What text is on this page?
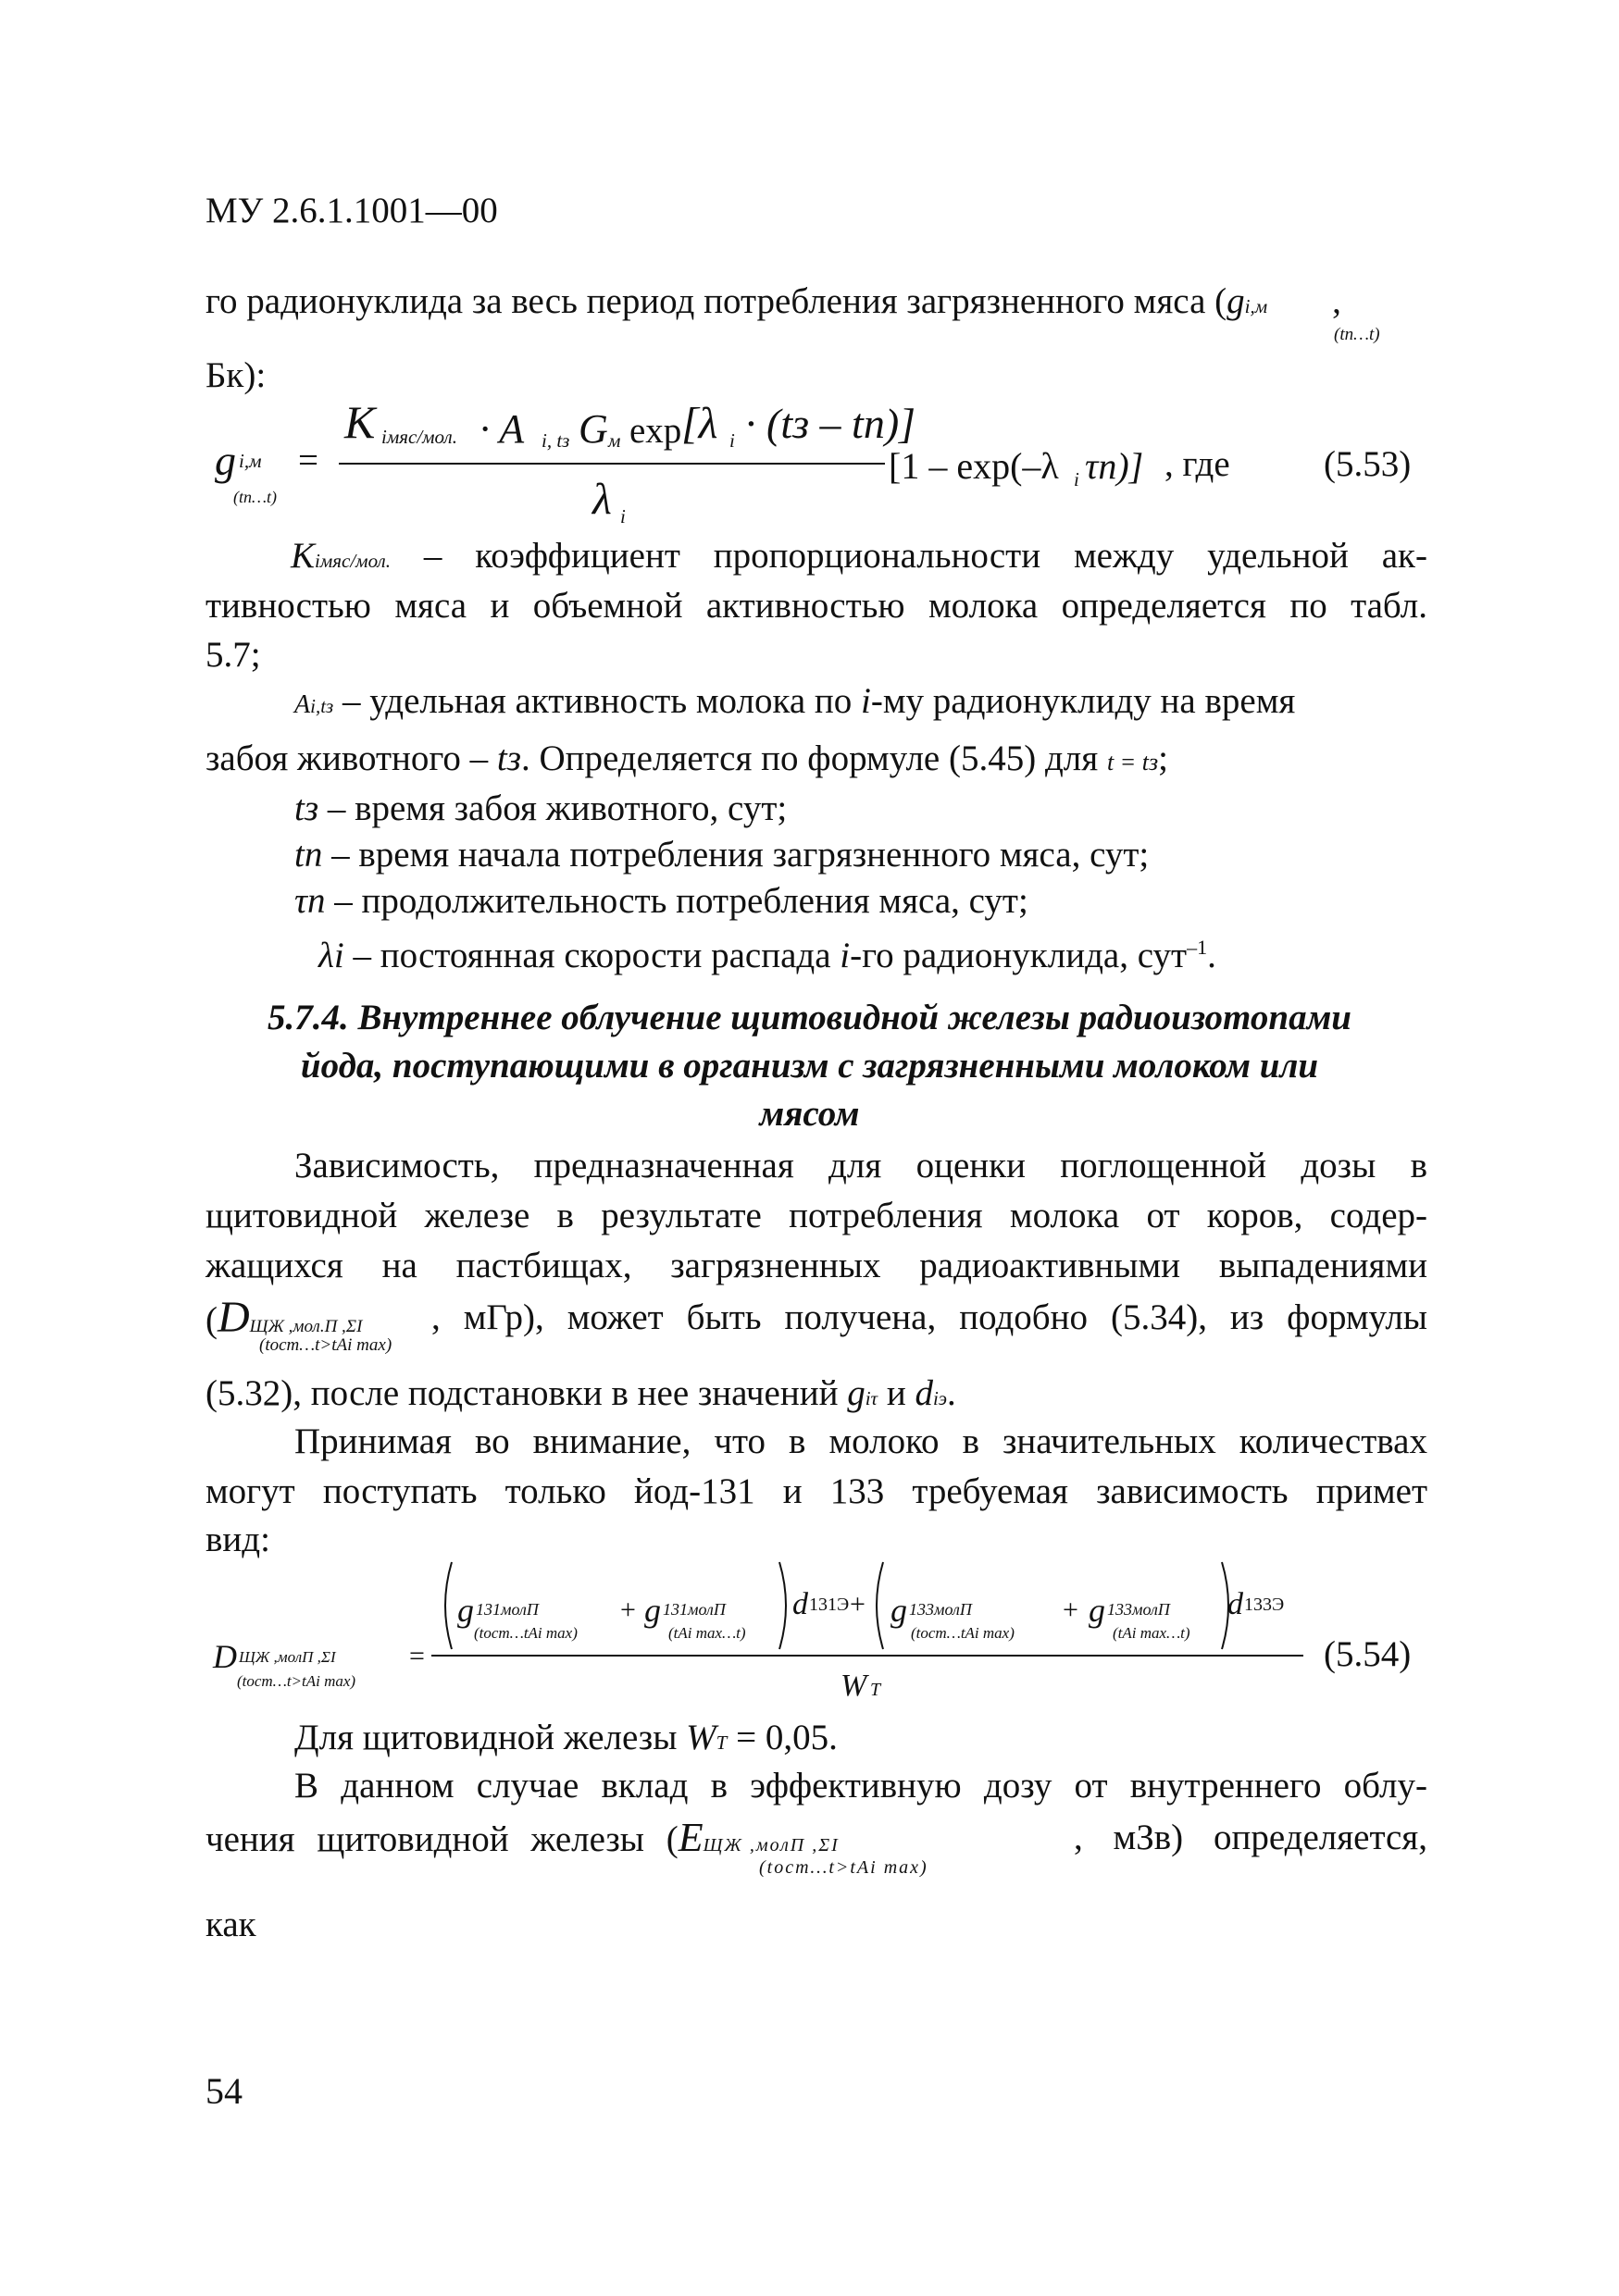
МУ 2.6.1.1001—00

го радионуклида за весь период потребления загрязненного мяса (gi,м ,

(tn…t)

Бк):

g i,м
(tn…t)
=
K iмяс/мол. · A i, tз G м exp [λ i · (tз – tп)]
λ i
[1 – exp(–λ i τп)] , где	(5.53)

Kiмяс/мол. – коэффициент пропорциональности между удельной ак-

тивностью мяса и объемной активностью молока определяется по табл.

5.7;

Ai,tз – удельная активность молока по i-му радионуклиду на время

забоя животного – tз. Определяется по формуле (5.45) для t = tз;

tз – время забоя животного, сут;

tп – время начала потребления загрязненного мяса, сут;

τп – продолжительность потребления мяса, сут;

λi – постоянная скорости распада i-го радионуклида, сут$^{-1}$.

5.7.4. Внутреннее облучение щитовидной железы радиоизотопами

йода, поступающими в организм с загрязненными молоком или

мясом

Зависимость, предназначенная для оценки поглощенной дозы в

щитовидной железе в результате потребления молока от коров, содер-

жащихся на пастбищах, загрязненных радиоактивными выпадениями

(DЩЖ ,мол.П ,ΣI

(tост…t>tAi max)

, мГр), может быть получена, подобно (5.34), из формулы

(5.32), после подстановки в нее значений giτ и diэ.

Принимая во внимание, что в молоко в значительных количествах

могут поступать только йод-131 и 133 требуемая зависимость примет

вид:

D ЩЖ ,молП ,ΣI
(tост…t>tAi max)
=
g 131молП
(tост…tAi max)
+ g 131молП
(tAi max…t)
d 131Э + g 133молП
(tост…tAi max)
+ g 133молП
(tAi max…t)
d 133Э
W T
(5.54)

Для щитовидной железы WT = 0,05.

В данном случае вклад в эффективную дозу от внутреннего облу-

чения щитовидной железы (EЩЖ ,молП ,ΣI

(tост…t>tAi max)

, мЗв) определяется,

как

54
